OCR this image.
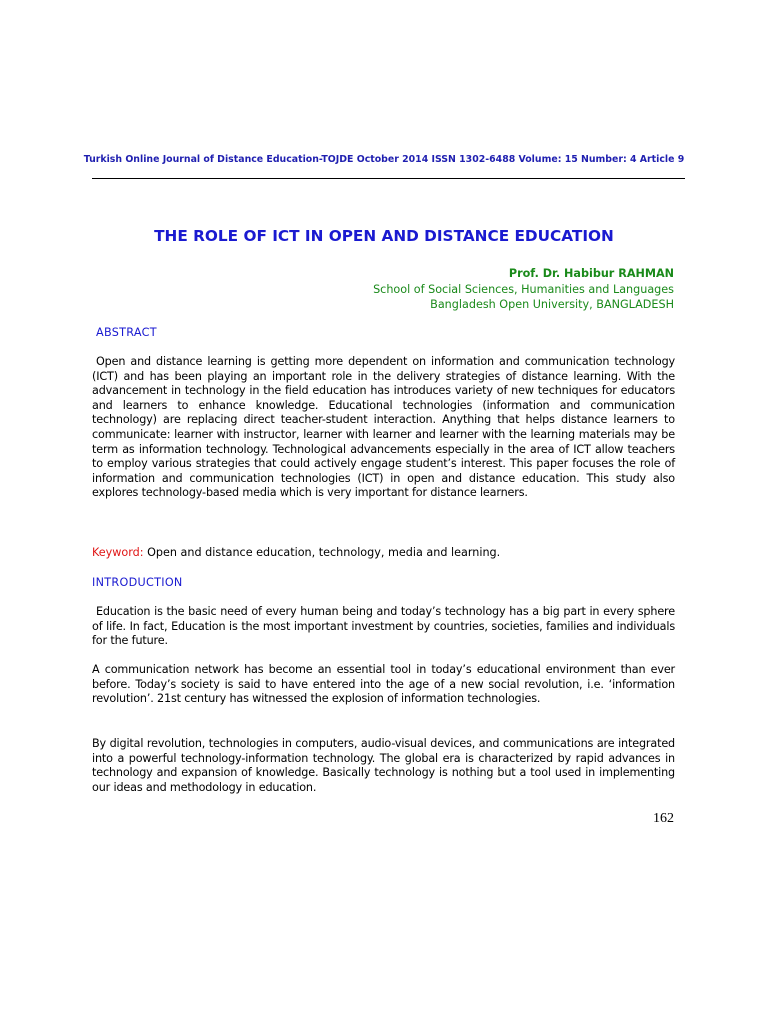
Turkish Online Journal of Distance Education-TOJDE October 2014 ISSN 1302-6488 Volume: 15 Number: 4 Article 9
THE ROLE OF ICT IN OPEN AND DISTANCE EDUCATION
Prof. Dr. Habibur RAHMAN
School of Social Sciences, Humanities and Languages
Bangladesh Open University, BANGLADESH
ABSTRACT
Open and distance learning is getting more dependent on information and communication technology (ICT) and has been playing an important role in the delivery strategies of distance learning. With the advancement in technology in the field education has introduces variety of new techniques for educators and learners to enhance knowledge. Educational technologies (information and communication technology) are replacing direct teacher-student interaction. Anything that helps distance learners to communicate: learner with instructor, learner with learner and learner with the learning materials may be term as information technology. Technological advancements especially in the area of ICT allow teachers to employ various strategies that could actively engage student’s interest. This paper focuses the role of information and communication technologies (ICT) in open and distance education. This study also explores technology-based media which is very important for distance learners.
Keyword: Open and distance education, technology, media and learning.
INTRODUCTION
Education is the basic need of every human being and today’s technology has a big part in every sphere of life. In fact, Education is the most important investment by countries, societies, families and individuals for the future.
A communication network has become an essential tool in today’s educational environment than ever before. Today’s society is said to have entered into the age of a new social revolution, i.e. ‘information revolution’. 21st century has witnessed the explosion of information technologies.
By digital revolution, technologies in computers, audio-visual devices, and communications are integrated into a powerful technology-information technology. The global era is characterized by rapid advances in technology and expansion of knowledge. Basically technology is nothing but a tool used in implementing our ideas and methodology in education.
162
